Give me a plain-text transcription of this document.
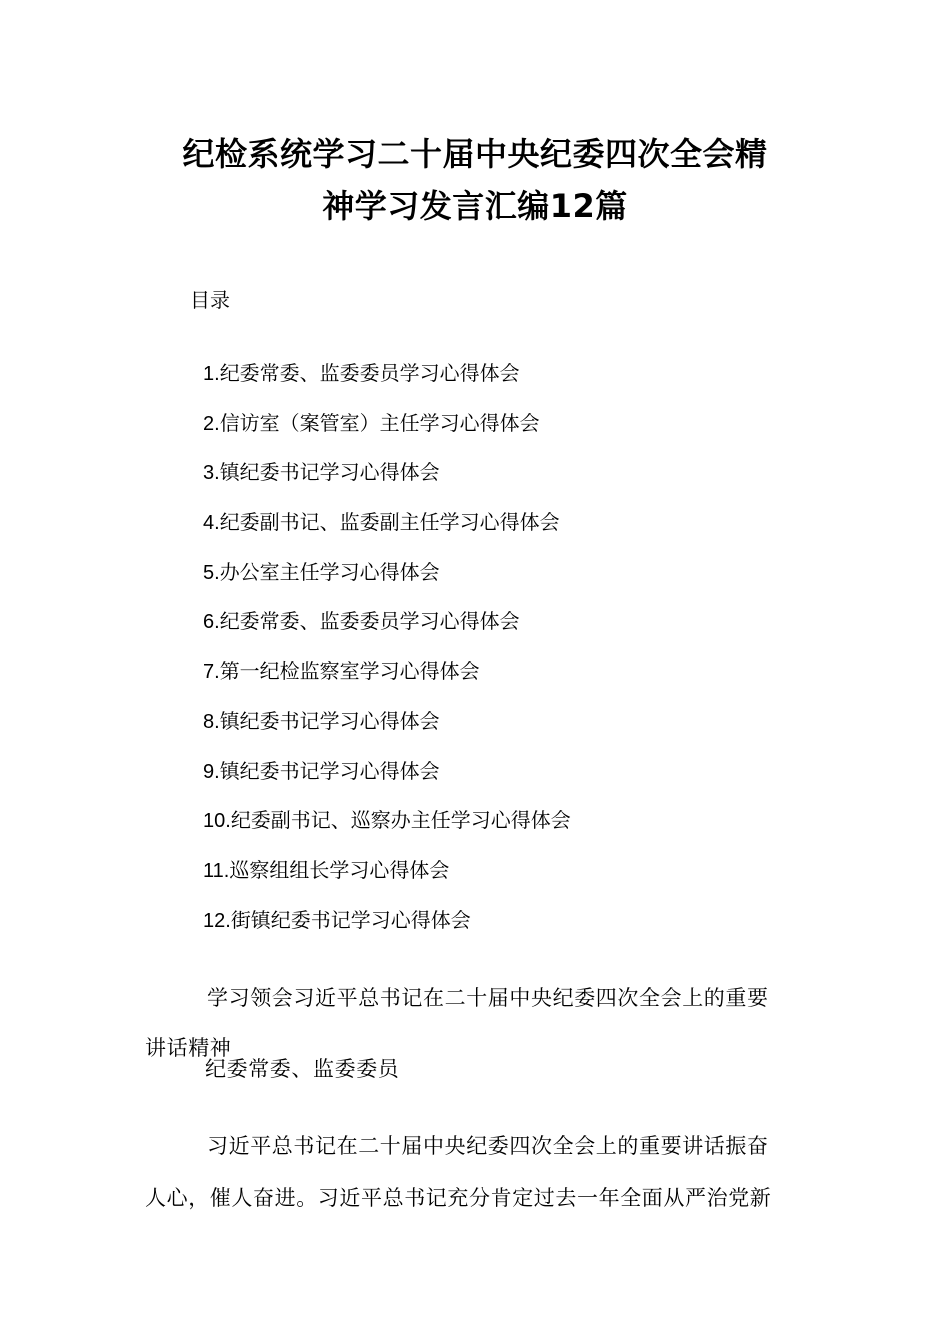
纪检系统学习二十届中央纪委四次全会精
神学习发言汇编12篇
目录
1.纪委常委、监委委员学习心得体会
2.信访室（案管室）主任学习心得体会
3.镇纪委书记学习心得体会
4.纪委副书记、监委副主任学习心得体会
5.办公室主任学习心得体会
6.纪委常委、监委委员学习心得体会
7.第一纪检监察室学习心得体会
8.镇纪委书记学习心得体会
9.镇纪委书记学习心得体会
10.纪委副书记、巡察办主任学习心得体会
11.巡察组组长学习心得体会
12.街镇纪委书记学习心得体会
学习领会习近平总书记在二十届中央纪委四次全会上的重要
讲话精神
纪委常委、监委委员
习近平总书记在二十届中央纪委四次全会上的重要讲话振奋
人心，催人奋进。习近平总书记充分肯定过去一年全面从严治党新
